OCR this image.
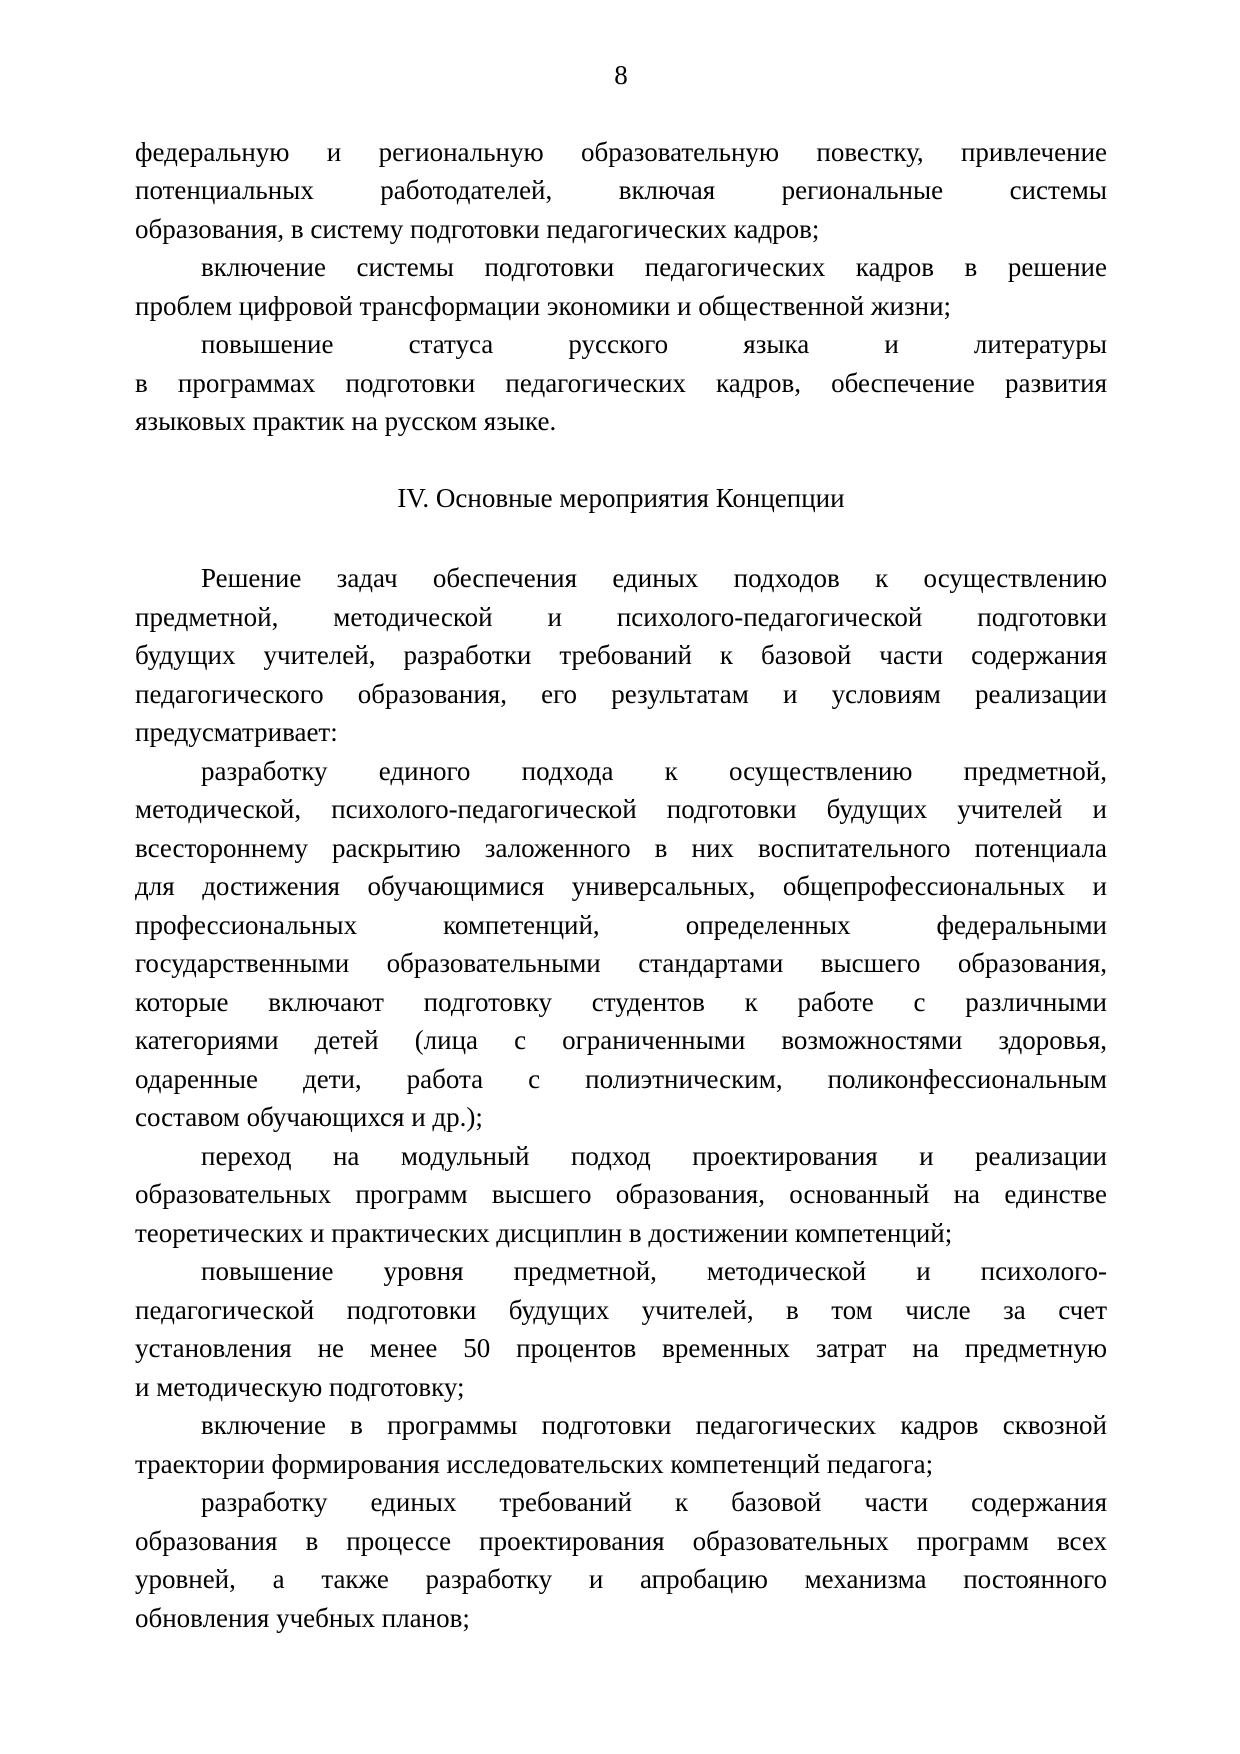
8

федеральную и региональную образовательную повестку, привлечение
потенциальных работодателей, включая региональные системы
образования, в систему подготовки педагогических кадров;

включение системы подготовки педагогических кадров в решение
проблем цифровой трансформации экономики и общественной жизни;

повышение статуса русского языка и литературы
в программах подготовки педагогических кадров, обеспечение развития
языковых практик на русском языке.

IV. Основные мероприятия Концепции

Решение задач обеспечения единых подходов к осуществлению
предметной, методической и психолого-педагогической подготовки
будущих учителей, разработки требований к базовой части содержания
педагогического образования, его результатам и условиям реализации
предусматривает:

разработку единого подхода к осуществлению предметной,
методической, психолого-педагогической подготовки будущих учителей и
всестороннему раскрытию заложенного в них воспитательного потенциала
для достижения обучающимися универсальных, общепрофессиональных и
профессиональных компетенций, определенных федеральными
государственными образовательными стандартами высшего образования,
которые включают подготовку студентов к работе с различными
категориями детей (лица с ограниченными возможностями здоровья,
одаренные дети, работа с полиэтническим, поликонфессиональным
составом обучающихся и др.);

переход на модульный подход проектирования и реализации
образовательных программ высшего образования, основанный на единстве
теоретических и практических дисциплин в достижении компетенций;

повышение уровня предметной, методической и психолого-
педагогической подготовки будущих учителей, в том числе за счет
установления не менее 50 процентов временных затрат на предметную
и методическую подготовку;

включение в программы подготовки педагогических кадров сквозной
траектории формирования исследовательских компетенций педагога;

разработку единых требований к базовой части содержания
образования в процессе проектирования образовательных программ всех
уровней, а также разработку и апробацию механизма постоянного
обновления учебных планов;
